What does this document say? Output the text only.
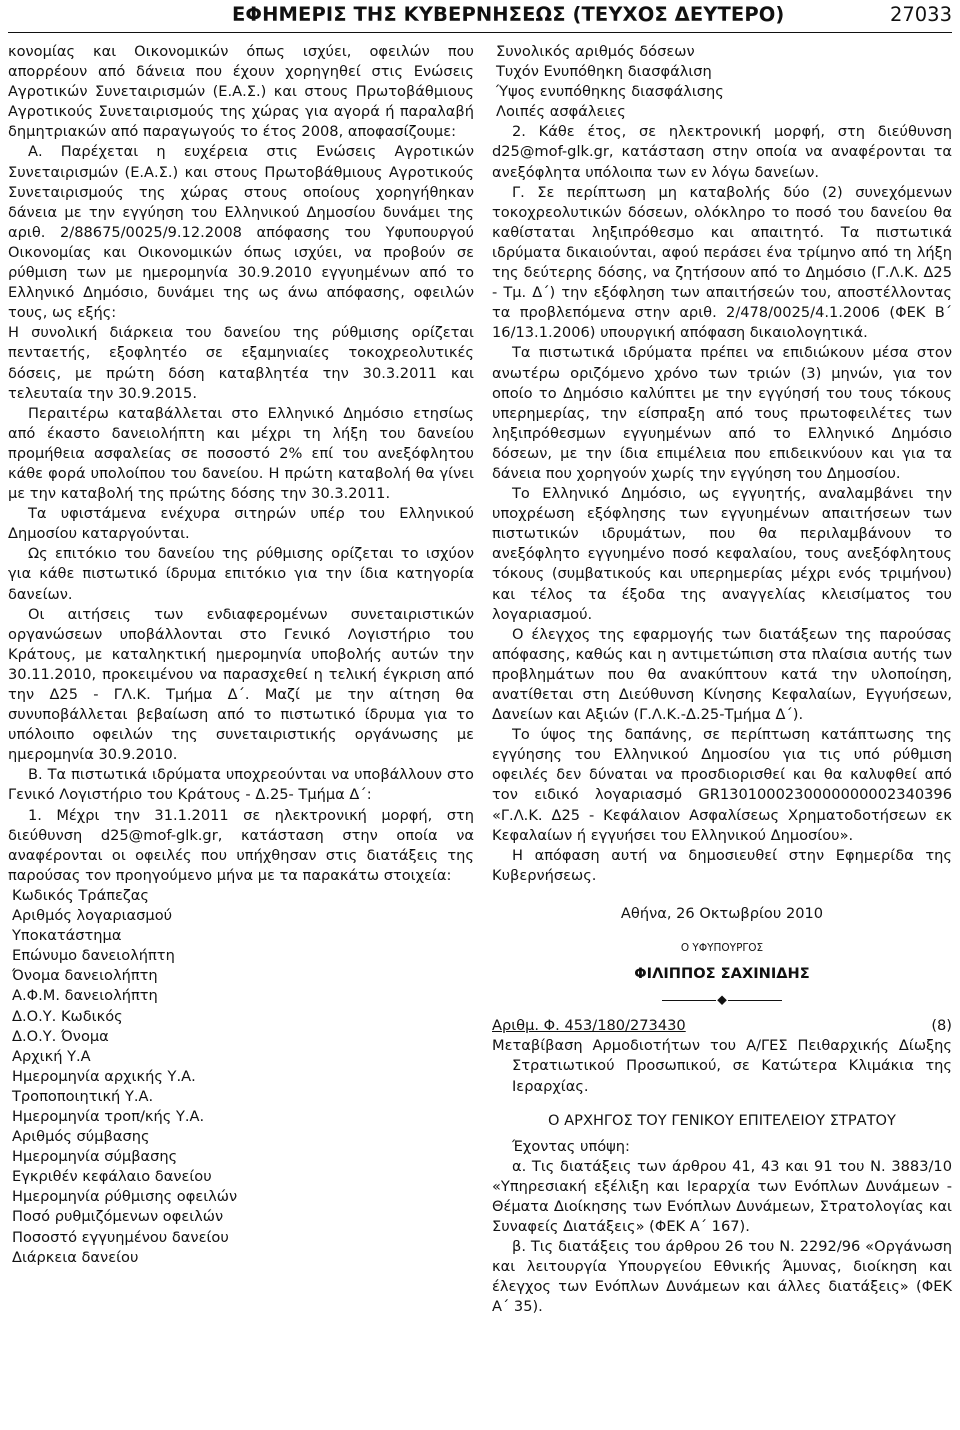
ΕΦΗΜΕΡΙΣ ΤΗΣ ΚΥΒΕΡΝΗΣΕΩΣ (ΤΕΥΧΟΣ ΔΕΥΤΕΡΟ)	27033

κονομίας και Οικονομικών όπως ισχύει, οφειλών που απορρέουν από δάνεια που έχουν χορηγηθεί στις Ενώσεις Αγροτικών Συνεταιρισμών (Ε.Α.Σ.) και στους Πρωτοβάθμιους Αγροτικούς Συνεταιρισμούς της χώρας για αγορά ή παραλαβή δημητριακών από παραγωγούς το έτος 2008, αποφασίζουμε:

Α. Παρέχεται η ευχέρεια στις Ενώσεις Αγροτικών Συνεταιρισμών (Ε.Α.Σ.) και στους Πρωτοβάθμιους Αγροτικούς Συνεταιρισμούς της χώρας στους οποίους χορηγήθηκαν δάνεια με την εγγύηση του Ελληνικού Δημοσίου δυνάμει της αριθ. 2/88675/0025/9.12.2008 απόφασης του Υφυπουργού Οικονομίας και Οικονομικών όπως ισχύει, να προβούν σε ρύθμιση των με ημερομηνία 30.9.2010 εγγυημένων από το Ελληνικό Δημόσιο, δυνάμει της ως άνω απόφασης, οφειλών τους, ως εξής:

Η συνολική διάρκεια του δανείου της ρύθμισης ορίζεται πενταετής, εξοφλητέο σε εξαμηνιαίες τοκοχρεολυτικές δόσεις, με πρώτη δόση καταβλητέα την 30.3.2011 και τελευταία την 30.9.2015.

Περαιτέρω καταβάλλεται στο Ελληνικό Δημόσιο ετησίως από έκαστο δανειολήπτη και μέχρι τη λήξη του δανείου προμήθεια ασφαλείας σε ποσοστό 2% επί του ανεξόφλητου κάθε φορά υπολοίπου του δανείου. Η πρώτη καταβολή θα γίνει με την καταβολή της πρώτης δόσης την 30.3.2011.

Τα υφιστάμενα ενέχυρα σιτηρών υπέρ του Ελληνικού Δημοσίου καταργούνται.

Ως επιτόκιο του δανείου της ρύθμισης ορίζεται το ισχύον για κάθε πιστωτικό ίδρυμα επιτόκιο για την ίδια κατηγορία δανείων.

Οι αιτήσεις των ενδιαφερομένων συνεταιριστικών οργανώσεων υποβάλλονται στο Γενικό Λογιστήριο του Κράτους, με καταληκτική ημερομηνία υποβολής αυτών την 30.11.2010, προκειμένου να παρασχεθεί η τελική έγκριση από την Δ25 - ΓΛ.Κ. Τμήμα Δ΄. Μαζί με την αίτηση θα συνυποβάλλεται βεβαίωση από το πιστωτικό ίδρυμα για το υπόλοιπο οφειλών της συνεταιριστικής οργάνωσης με ημερομηνία 30.9.2010.

Β. Τα πιστωτικά ιδρύματα υποχρεούνται να υποβάλλουν στο Γενικό Λογιστήριο του Κράτους - Δ.25- Τμήμα Δ΄:

1. Μέχρι την 31.1.2011 σε ηλεκτρονική μορφή, στη διεύθυνση d25@mof-glk.gr, κατάσταση στην οποία να αναφέρονται οι οφειλές που υπήχθησαν στις διατάξεις της παρούσας τον προηγούμενο μήνα με τα παρακάτω στοιχεία:

Κωδικός Τράπεζας
Αριθμός λογαριασμού
Υποκατάστημα
Επώνυμο δανειολήπτη
Όνομα δανειολήπτη
Α.Φ.Μ. δανειολήπτη
Δ.Ο.Υ. Κωδικός
Δ.Ο.Υ. Όνομα
Αρχική Υ.Α
Ημερομηνία αρχικής Υ.Α.
Τροποποιητική Υ.Α.
Ημερομηνία τροπ/κής Υ.Α.
Αριθμός σύμβασης
Ημερομηνία σύμβασης
Εγκριθέν κεφάλαιο δανείου
Ημερομηνία ρύθμισης οφειλών
Ποσό ρυθμιζόμενων οφειλών
Ποσοστό εγγυημένου δανείου
Διάρκεια δανείου
Συνολικός αριθμός δόσεων
Τυχόν Ενυπόθηκη διασφάλιση
Ύψος ενυπόθηκης διασφάλισης
Λοιπές ασφάλειες

2. Κάθε έτος, σε ηλεκτρονική μορφή, στη διεύθυνση d25@mof-glk.gr, κατάσταση στην οποία να αναφέρονται τα ανεξόφλητα υπόλοιπα των εν λόγω δανείων.

Γ. Σε περίπτωση μη καταβολής δύο (2) συνεχόμενων τοκοχρεολυτικών δόσεων, ολόκληρο το ποσό του δανείου θα καθίσταται ληξιπρόθεσμο και απαιτητό. Τα πιστωτικά ιδρύματα δικαιούνται, αφού περάσει ένα τρίμηνο από τη λήξη της δεύτερης δόσης, να ζητήσουν από το Δημόσιο (Γ.Λ.Κ. Δ25 - Τμ. Δ΄) την εξόφληση των απαιτήσεών του, αποστέλλοντας τα προβλεπόμενα στην αριθ. 2/478/0025/4.1.2006 (ΦΕΚ Β΄ 16/13.1.2006) υπουργική απόφαση δικαιολογητικά.

Τα πιστωτικά ιδρύματα πρέπει να επιδιώκουν μέσα στον ανωτέρω οριζόμενο χρόνο των τριών (3) μηνών, για τον οποίο το Δημόσιο καλύπτει με την εγγύησή του τους τόκους υπερημερίας, την είσπραξη από τους πρωτοφειλέτες των ληξιπρόθεσμων εγγυημένων από το Ελληνικό Δημόσιο δόσεων, με την ίδια επιμέλεια που επιδεικνύουν και για τα δάνεια που χορηγούν χωρίς την εγγύηση του Δημοσίου.

Το Ελληνικό Δημόσιο, ως εγγυητής, αναλαμβάνει την υποχρέωση εξόφλησης των εγγυημένων απαιτήσεων των πιστωτικών ιδρυμάτων, που θα περιλαμβάνουν το ανεξόφλητο εγγυημένο ποσό κεφαλαίου, τους ανεξόφλητους τόκους (συμβατικούς και υπερημερίας μέχρι ενός τριμήνου) και τέλος τα έξοδα της αναγγελίας κλεισίματος του λογαριασμού.

Ο έλεγχος της εφαρμογής των διατάξεων της παρούσας απόφασης, καθώς και η αντιμετώπιση στα πλαίσια αυτής των προβλημάτων που θα ανακύπτουν κατά την υλοποίηση, ανατίθεται στη Διεύθυνση Κίνησης Κεφαλαίων, Εγγυήσεων, Δανείων και Αξιών (Γ.Λ.Κ.-Δ.25-Τμήμα Δ΄).

Το ύψος της δαπάνης, σε περίπτωση κατάπτωσης της εγγύησης του Ελληνικού Δημοσίου για τις υπό ρύθμιση οφειλές δεν δύναται να προσδιορισθεί και θα καλυφθεί από τον ειδικό λογαριασμό GR1301000230000000002340396 «Γ.Λ.Κ. Δ25 - Κεφάλαιον Ασφαλίσεως Χρηματοδοτήσεων εκ Κεφαλαίων ή εγγυήσει του Ελληνικού Δημοσίου».

Η απόφαση αυτή να δημοσιευθεί στην Εφημερίδα της Κυβερνήσεως.

Αθήνα, 26 Οκτωβρίου 2010
Ο ΥΦΥΠΟΥΡΓΟΣ
ΦΙΛΙΠΠΟΣ ΣΑΧΙΝΙΔΗΣ
⬥
Αριθμ. Φ. 453/180/273430	(8)

Μεταβίβαση Αρμοδιοτήτων του Α/ΓΕΣ Πειθαρχικής Δίωξης Στρατιωτικού Προσωπικού, σε Κατώτερα Κλιμάκια της Ιεραρχίας.

Ο ΑΡΧΗΓΟΣ ΤΟΥ ΓΕΝΙΚΟΥ ΕΠΙΤΕΛΕΙΟΥ ΣΤΡΑΤΟΥ

Έχοντας υπόψη:

α. Τις διατάξεις των άρθρου 41, 43 και 91 του Ν. 3883/10 «Υπηρεσιακή εξέλιξη και Ιεραρχία των Ενόπλων Δυνάμεων - Θέματα Διοίκησης των Ενόπλων Δυνάμεων, Στρατολογίας και Συναφείς Διατάξεις» (ΦΕΚ Α΄ 167).

β. Τις διατάξεις του άρθρου 26 του Ν. 2292/96 «Οργάνωση και λειτουργία Υπουργείου Εθνικής Άμυνας, διοίκηση και έλεγχος των Ενόπλων Δυνάμεων και άλλες διατάξεις» (ΦΕΚ Α΄ 35).
